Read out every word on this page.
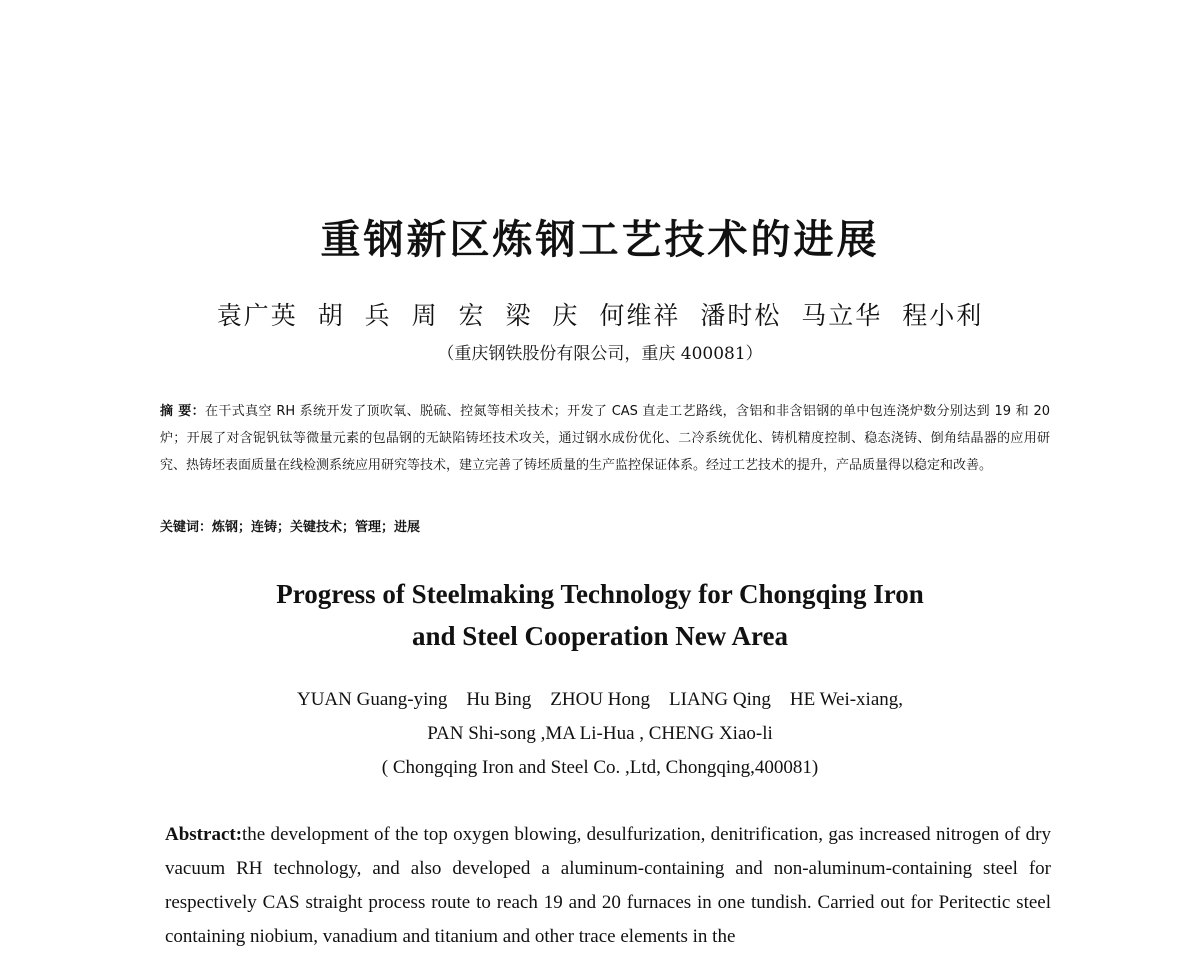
重钢新区炼钢工艺技术的进展
袁广英 胡 兵 周 宏 梁 庆 何维祥 潘时松 马立华 程小利
（重庆钢铁股份有限公司，重庆 400081）
摘 要：在干式真空 RH 系统开发了顶吹氧、脱硫、控氮等相关技术；开发了 CAS 直走工艺路线，含铝和非含铝钢的单中包连浇炉数分别达到 19 和 20 炉；开展了对含铌钒钛等微量元素的包晶钢的无缺陷铸坯技术攻关，通过钢水成份优化、二冷系统优化、铸机精度控制、稳态浇铸、倒角结晶器的应用研究、热铸坯表面质量在线检测系统应用研究等技术，建立完善了铸坯质量的生产监控保证体系。经过工艺技术的提升，产品质量得以稳定和改善。
关键词：炼钢；连铸；关键技术；管理；进展
Progress of Steelmaking Technology for Chongqing Iron
and Steel Cooperation New Area
YUAN Guang-ying    Hu Bing    ZHOU Hong    LIANG Qing    HE Wei-xiang,
PAN Shi-song ,MA Li-Hua , CHENG Xiao-li
( Chongqing Iron and Steel Co. ,Ltd, Chongqing,400081)
Abstract:the development of the top oxygen blowing, desulfurization, denitrification, gas increased nitrogen of dry vacuum RH technology, and also developed a aluminum-containing and non-aluminum-containing steel for respectively CAS straight process route to reach 19 and 20 furnaces in one tundish. Carried out for Peritectic steel containing niobium, vanadium and titanium and other trace elements in the
